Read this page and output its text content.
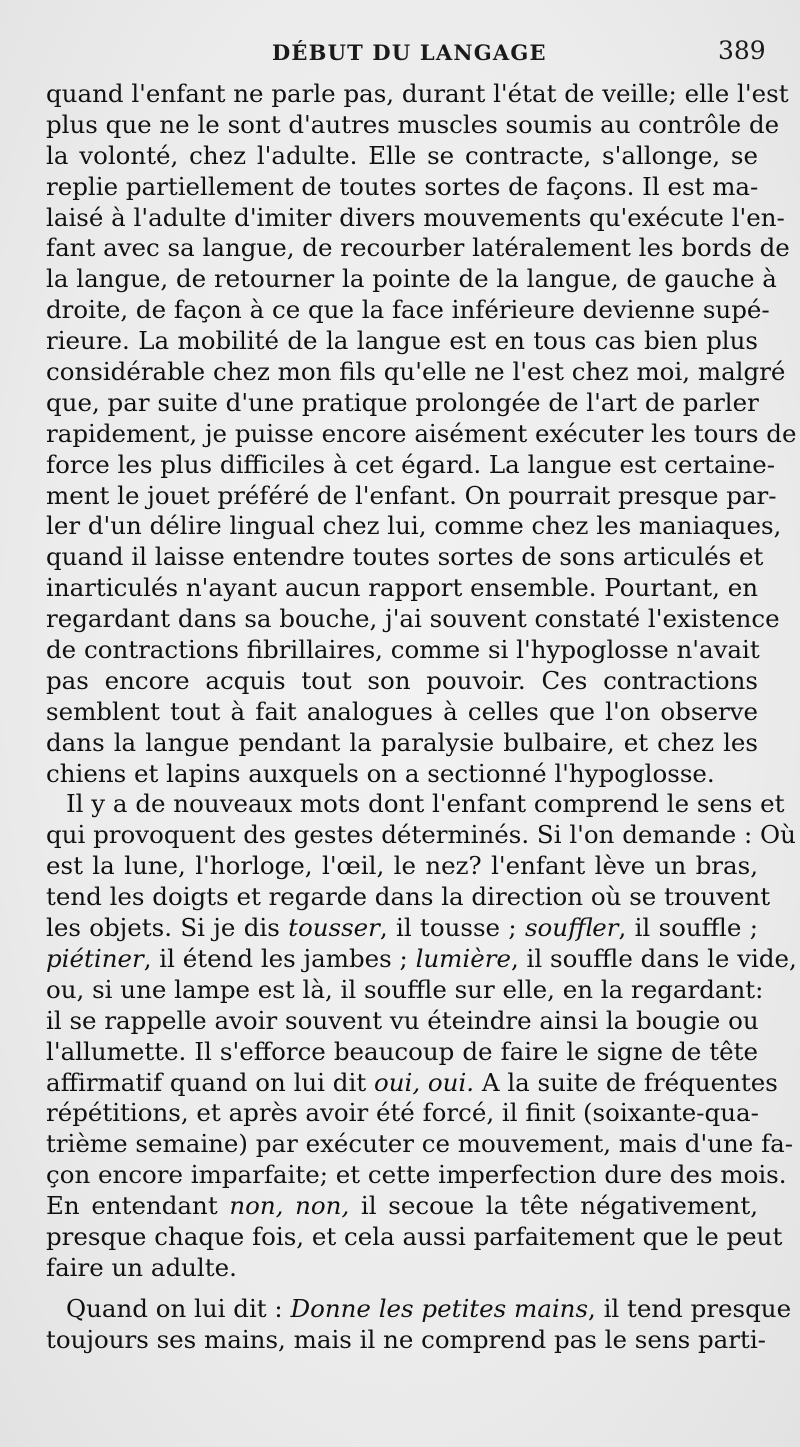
DÉBUT DU LANGAGE	389
quand l'enfant ne parle pas, durant l'état de veille; elle l'est
plus que ne le sont d'autres muscles soumis au contrôle de
la volonté, chez l'adulte. Elle se contracte, s'allonge, se
replie partiellement de toutes sortes de façons. Il est ma-
laisé à l'adulte d'imiter divers mouvements qu'exécute l'en-
fant avec sa langue, de recourber latéralement les bords de
la langue, de retourner la pointe de la langue, de gauche à
droite, de façon à ce que la face inférieure devienne supé-
rieure. La mobilité de la langue est en tous cas bien plus
considérable chez mon fils qu'elle ne l'est chez moi, malgré
que, par suite d'une pratique prolongée de l'art de parler
rapidement, je puisse encore aisément exécuter les tours de
force les plus difficiles à cet égard. La langue est certaine-
ment le jouet préféré de l'enfant. On pourrait presque par-
ler d'un délire lingual chez lui, comme chez les maniaques,
quand il laisse entendre toutes sortes de sons articulés et
inarticulés n'ayant aucun rapport ensemble. Pourtant, en
regardant dans sa bouche, j'ai souvent constaté l'existence
de contractions fibrillaires, comme si l'hypoglosse n'avait
pas encore acquis tout son pouvoir. Ces contractions
semblent tout à fait analogues à celles que l'on observe
dans la langue pendant la paralysie bulbaire, et chez les
chiens et lapins auxquels on a sectionné l'hypoglosse.
Il y a de nouveaux mots dont l'enfant comprend le sens et
qui provoquent des gestes déterminés. Si l'on demande : Où
est la lune, l'horloge, l'œil, le nez? l'enfant lève un bras,
tend les doigts et regarde dans la direction où se trouvent
les objets. Si je dis tousser, il tousse ; souffler, il souffle ;
piétiner, il étend les jambes ; lumière, il souffle dans le vide,
ou, si une lampe est là, il souffle sur elle, en la regardant:
il se rappelle avoir souvent vu éteindre ainsi la bougie ou
l'allumette. Il s'efforce beaucoup de faire le signe de tête
affirmatif quand on lui dit oui, oui. A la suite de fréquentes
répétitions, et après avoir été forcé, il finit (soixante-qua-
trième semaine) par exécuter ce mouvement, mais d'une fa-
çon encore imparfaite; et cette imperfection dure des mois.
En entendant non, non, il secoue la tête négativement,
presque chaque fois, et cela aussi parfaitement que le peut
faire un adulte.
Quand on lui dit : Donne les petites mains, il tend presque
toujours ses mains, mais il ne comprend pas le sens parti-
